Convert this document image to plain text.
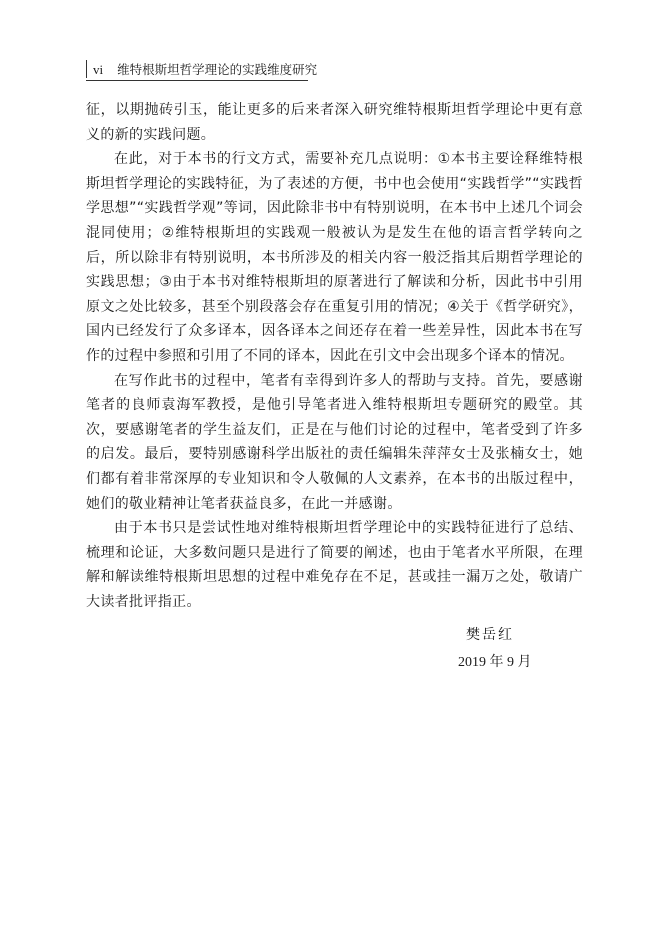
vi 维特根斯坦哲学理论的实践维度研究

征，以期抛砖引玉，能让更多的后来者深入研究维特根斯坦哲学理论中更有意义的新的实践问题。

在此，对于本书的行文方式，需要补充几点说明：①本书主要诠释维特根斯坦哲学理论的实践特征，为了表述的方便，书中也会使用“实践哲学”“实践哲学思想”“实践哲学观”等词，因此除非书中有特别说明，在本书中上述几个词会混同使用；②维特根斯坦的实践观一般被认为是发生在他的语言哲学转向之后，所以除非有特别说明，本书所涉及的相关内容一般泛指其后期哲学理论的实践思想；③由于本书对维特根斯坦的原著进行了解读和分析，因此书中引用原文之处比较多，甚至个别段落会存在重复引用的情况；④关于《哲学研究》，国内已经发行了众多译本，因各译本之间还存在着一些差异性，因此本书在写作的过程中参照和引用了不同的译本，因此在引文中会出现多个译本的情况。

在写作此书的过程中，笔者有幸得到许多人的帮助与支持。首先，要感谢笔者的良师袁海军教授，是他引导笔者进入维特根斯坦专题研究的殿堂。其次，要感谢笔者的学生益友们，正是在与他们讨论的过程中，笔者受到了许多的启发。最后，要特别感谢科学出版社的责任编辑朱萍萍女士及张楠女士，她们都有着非常深厚的专业知识和令人敬佩的人文素养，在本书的出版过程中，她们的敬业精神让笔者获益良多，在此一并感谢。

由于本书只是尝试性地对维特根斯坦哲学理论中的实践特征进行了总结、梳理和论证，大多数问题只是进行了简要的阐述，也由于笔者水平所限，在理解和解读维特根斯坦思想的过程中难免存在不足，甚或挂一漏万之处，敬请广大读者批评指正。

樊岳红
2019 年 9 月
